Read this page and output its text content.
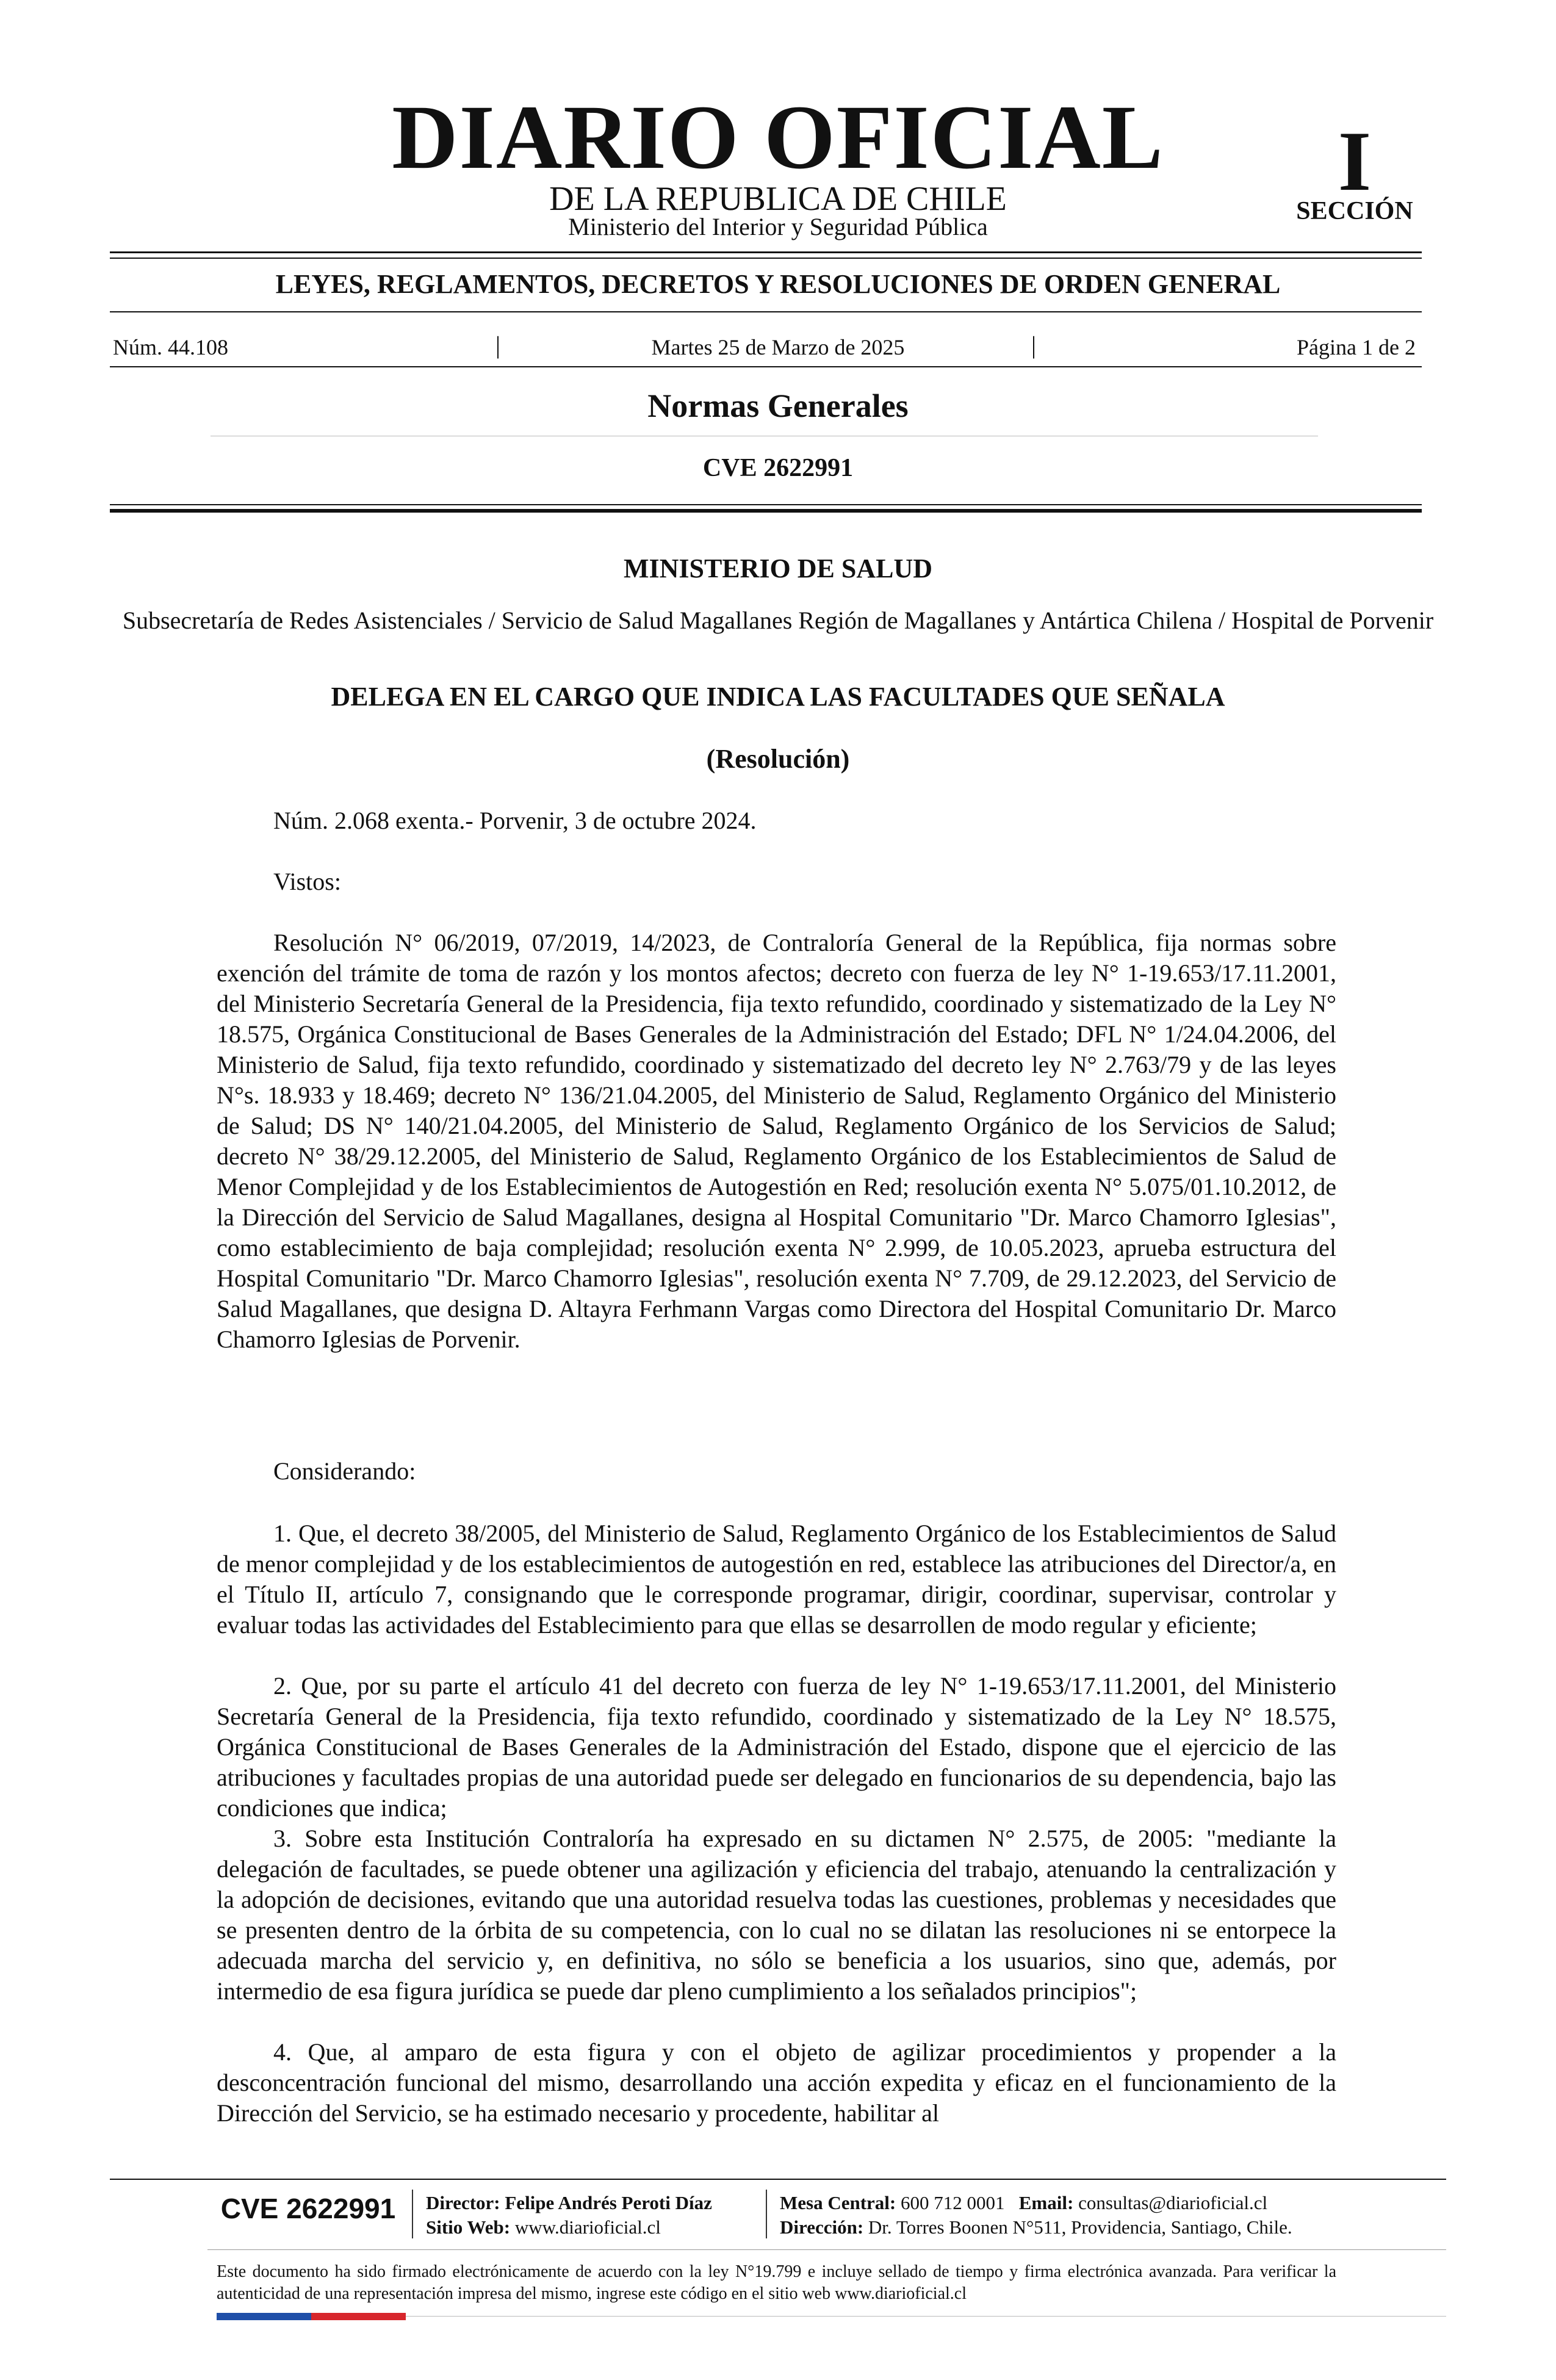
DIARIO OFICIAL
DE LA REPUBLICA DE CHILE
Ministerio del Interior y Seguridad Pública
I
SECCIÓN
LEYES, REGLAMENTOS, DECRETOS Y RESOLUCIONES DE ORDEN GENERAL
Núm. 44.108	|	Martes 25 de Marzo de 2025	|	Página 1 de 2
Normas Generales
CVE 2622991
MINISTERIO DE SALUD
Subsecretaría de Redes Asistenciales / Servicio de Salud Magallanes Región de Magallanes y Antártica Chilena / Hospital de Porvenir
DELEGA EN EL CARGO QUE INDICA LAS FACULTADES QUE SEÑALA
(Resolución)
Núm. 2.068 exenta.- Porvenir, 3 de octubre 2024.
Vistos:
Resolución N° 06/2019, 07/2019, 14/2023, de Contraloría General de la República, fija normas sobre exención del trámite de toma de razón y los montos afectos; decreto con fuerza de ley N° 1-19.653/17.11.2001, del Ministerio Secretaría General de la Presidencia, fija texto refundido, coordinado y sistematizado de la Ley N° 18.575, Orgánica Constitucional de Bases Generales de la Administración del Estado; DFL N° 1/24.04.2006, del Ministerio de Salud, fija texto refundido, coordinado y sistematizado del decreto ley N° 2.763/79 y de las leyes N°s. 18.933 y 18.469; decreto N° 136/21.04.2005, del Ministerio de Salud, Reglamento Orgánico del Ministerio de Salud; DS N° 140/21.04.2005, del Ministerio de Salud, Reglamento Orgánico de los Servicios de Salud; decreto N° 38/29.12.2005, del Ministerio de Salud, Reglamento Orgánico de los Establecimientos de Salud de Menor Complejidad y de los Establecimientos de Autogestión en Red; resolución exenta N° 5.075/01.10.2012, de la Dirección del Servicio de Salud Magallanes, designa al Hospital Comunitario "Dr. Marco Chamorro Iglesias", como establecimiento de baja complejidad; resolución exenta N° 2.999, de 10.05.2023, aprueba estructura del Hospital Comunitario "Dr. Marco Chamorro Iglesias", resolución exenta N° 7.709, de 29.12.2023, del Servicio de Salud Magallanes, que designa D. Altayra Ferhmann Vargas como Directora del Hospital Comunitario Dr. Marco Chamorro Iglesias de Porvenir.
Considerando:
1. Que, el decreto 38/2005, del Ministerio de Salud, Reglamento Orgánico de los Establecimientos de Salud de menor complejidad y de los establecimientos de autogestión en red, establece las atribuciones del Director/a, en el Título II, artículo 7, consignando que le corresponde programar, dirigir, coordinar, supervisar, controlar y evaluar todas las actividades del Establecimiento para que ellas se desarrollen de modo regular y eficiente;
2. Que, por su parte el artículo 41 del decreto con fuerza de ley N° 1-19.653/17.11.2001, del Ministerio Secretaría General de la Presidencia, fija texto refundido, coordinado y sistematizado de la Ley N° 18.575, Orgánica Constitucional de Bases Generales de la Administración del Estado, dispone que el ejercicio de las atribuciones y facultades propias de una autoridad puede ser delegado en funcionarios de su dependencia, bajo las condiciones que indica;
3. Sobre esta Institución Contraloría ha expresado en su dictamen N° 2.575, de 2005: "mediante la delegación de facultades, se puede obtener una agilización y eficiencia del trabajo, atenuando la centralización y la adopción de decisiones, evitando que una autoridad resuelva todas las cuestiones, problemas y necesidades que se presenten dentro de la órbita de su competencia, con lo cual no se dilatan las resoluciones ni se entorpece la adecuada marcha del servicio y, en definitiva, no sólo se beneficia a los usuarios, sino que, además, por intermedio de esa figura jurídica se puede dar pleno cumplimiento a los señalados principios";
4. Que, al amparo de esta figura y con el objeto de agilizar procedimientos y propender a la desconcentración funcional del mismo, desarrollando una acción expedita y eficaz en el funcionamiento de la Dirección del Servicio, se ha estimado necesario y procedente, habilitar al
CVE 2622991	Director: Felipe Andrés Peroti Díaz
Sitio Web: www.diarioficial.cl
Mesa Central: 600 712 0001 Email: consultas@diarioficial.cl
Dirección: Dr. Torres Boonen N°511, Providencia, Santiago, Chile.
Este documento ha sido firmado electrónicamente de acuerdo con la ley N°19.799 e incluye sellado de tiempo y firma electrónica avanzada. Para verificar la autenticidad de una representación impresa del mismo, ingrese este código en el sitio web www.diarioficial.cl
